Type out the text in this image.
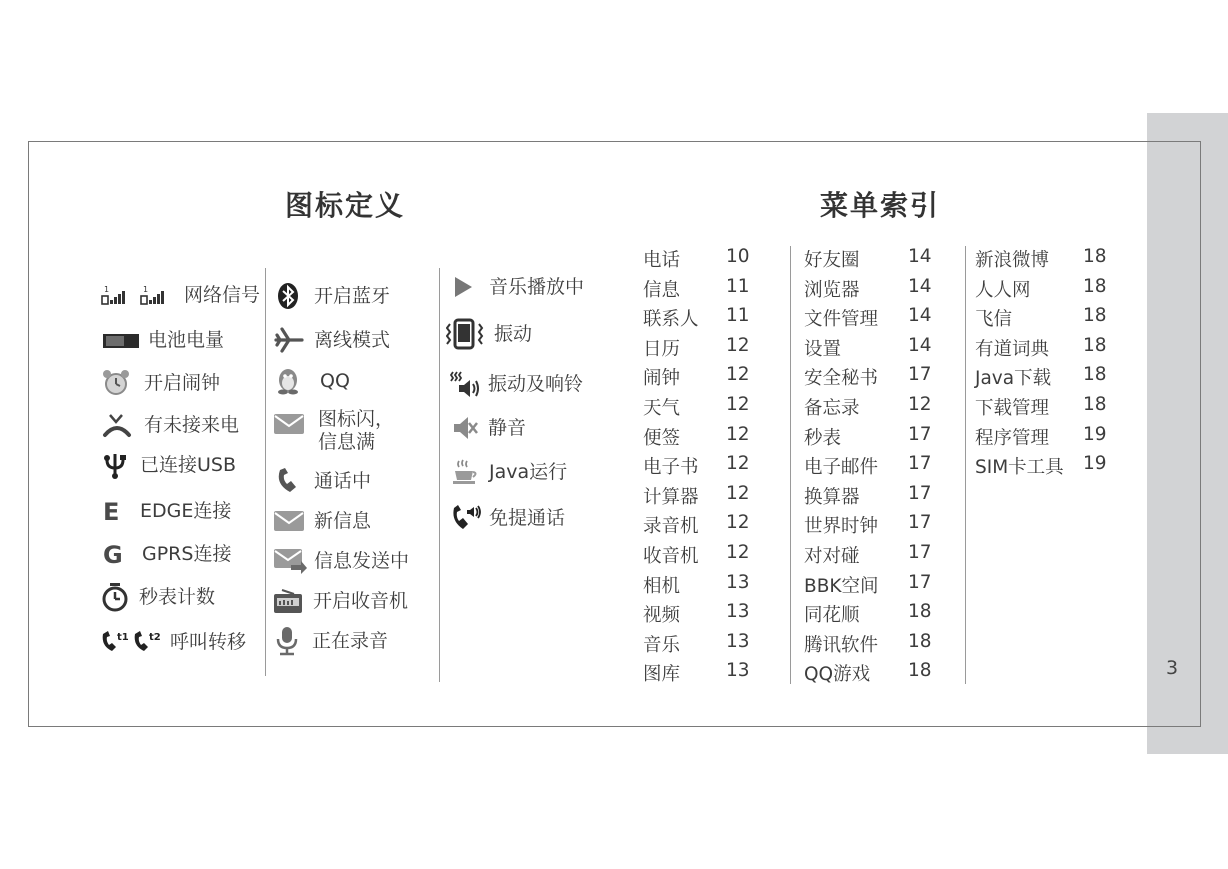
3
图标定义	菜单索引
1	1 网络信号
电池电量
开启闹钟
有未接来电
已连接USB
E EDGE连接
G GPRS连接
秒表计数
t1 t2 呼叫转移
开启蓝牙
离线模式
QQ
图标闪，信息满
通话中
新信息
信息发送中
开启收音机
正在录音
音乐播放中
振动
振动及响铃
静音
Java运行
免提通话
电话 10
信息 11
联系人 11
日历 12
闹钟 12
天气 12
便签 12
电子书 12
计算器 12
录音机 12
收音机 12
相机 13
视频 13
音乐 13
图库 13
好友圈	14
浏览器	14
文件管理 14
设置	14
安全秘书 17
备忘录	12
秒表	17
电子邮件 17
换算器	17
世界时钟 17
对对碰	17
BBK空间 17
同花顺	18
腾讯软件 18
QQ游戏 18
新浪微博 18
人人网	18
飞信	18
有道词典 18
Java下载 18
下载管理 18
程序管理 19
SIM卡工具 19
